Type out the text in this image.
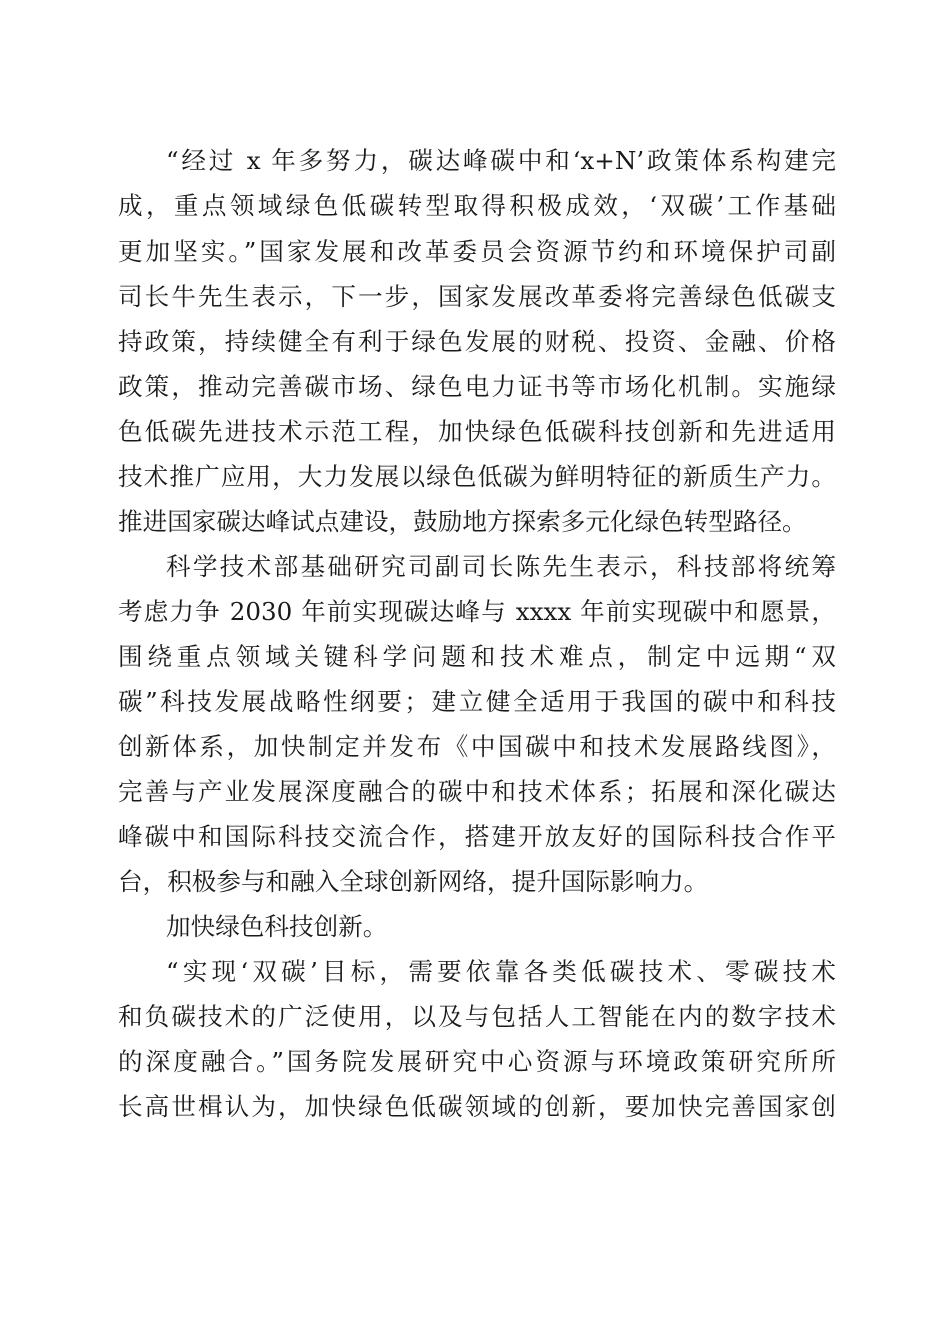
“经过 x 年多努力，碳达峰碳中和‘x+N’政策体系构建完
成，重点领域绿色低碳转型取得积极成效，‘双碳’工作基础
更加坚实。”国家发展和改革委员会资源节约和环境保护司副
司长牛先生表示，下一步，国家发展改革委将完善绿色低碳支
持政策，持续健全有利于绿色发展的财税、投资、金融、价格
政策，推动完善碳市场、绿色电力证书等市场化机制。实施绿
色低碳先进技术示范工程，加快绿色低碳科技创新和先进适用
技术推广应用，大力发展以绿色低碳为鲜明特征的新质生产力。
推进国家碳达峰试点建设，鼓励地方探索多元化绿色转型路径。
科学技术部基础研究司副司长陈先生表示，科技部将统筹
考虑力争 2030 年前实现碳达峰与 xxxx 年前实现碳中和愿景，
围绕重点领域关键科学问题和技术难点，制定中远期“双
碳”科技发展战略性纲要；建立健全适用于我国的碳中和科技
创新体系，加快制定并发布《中国碳中和技术发展路线图》，
完善与产业发展深度融合的碳中和技术体系；拓展和深化碳达
峰碳中和国际科技交流合作，搭建开放友好的国际科技合作平
台，积极参与和融入全球创新网络，提升国际影响力。
加快绿色科技创新。
“实现‘双碳’目标，需要依靠各类低碳技术、零碳技术
和负碳技术的广泛使用，以及与包括人工智能在内的数字技术
的深度融合。”国务院发展研究中心资源与环境政策研究所所
长高世楫认为，加快绿色低碳领域的创新，要加快完善国家创
